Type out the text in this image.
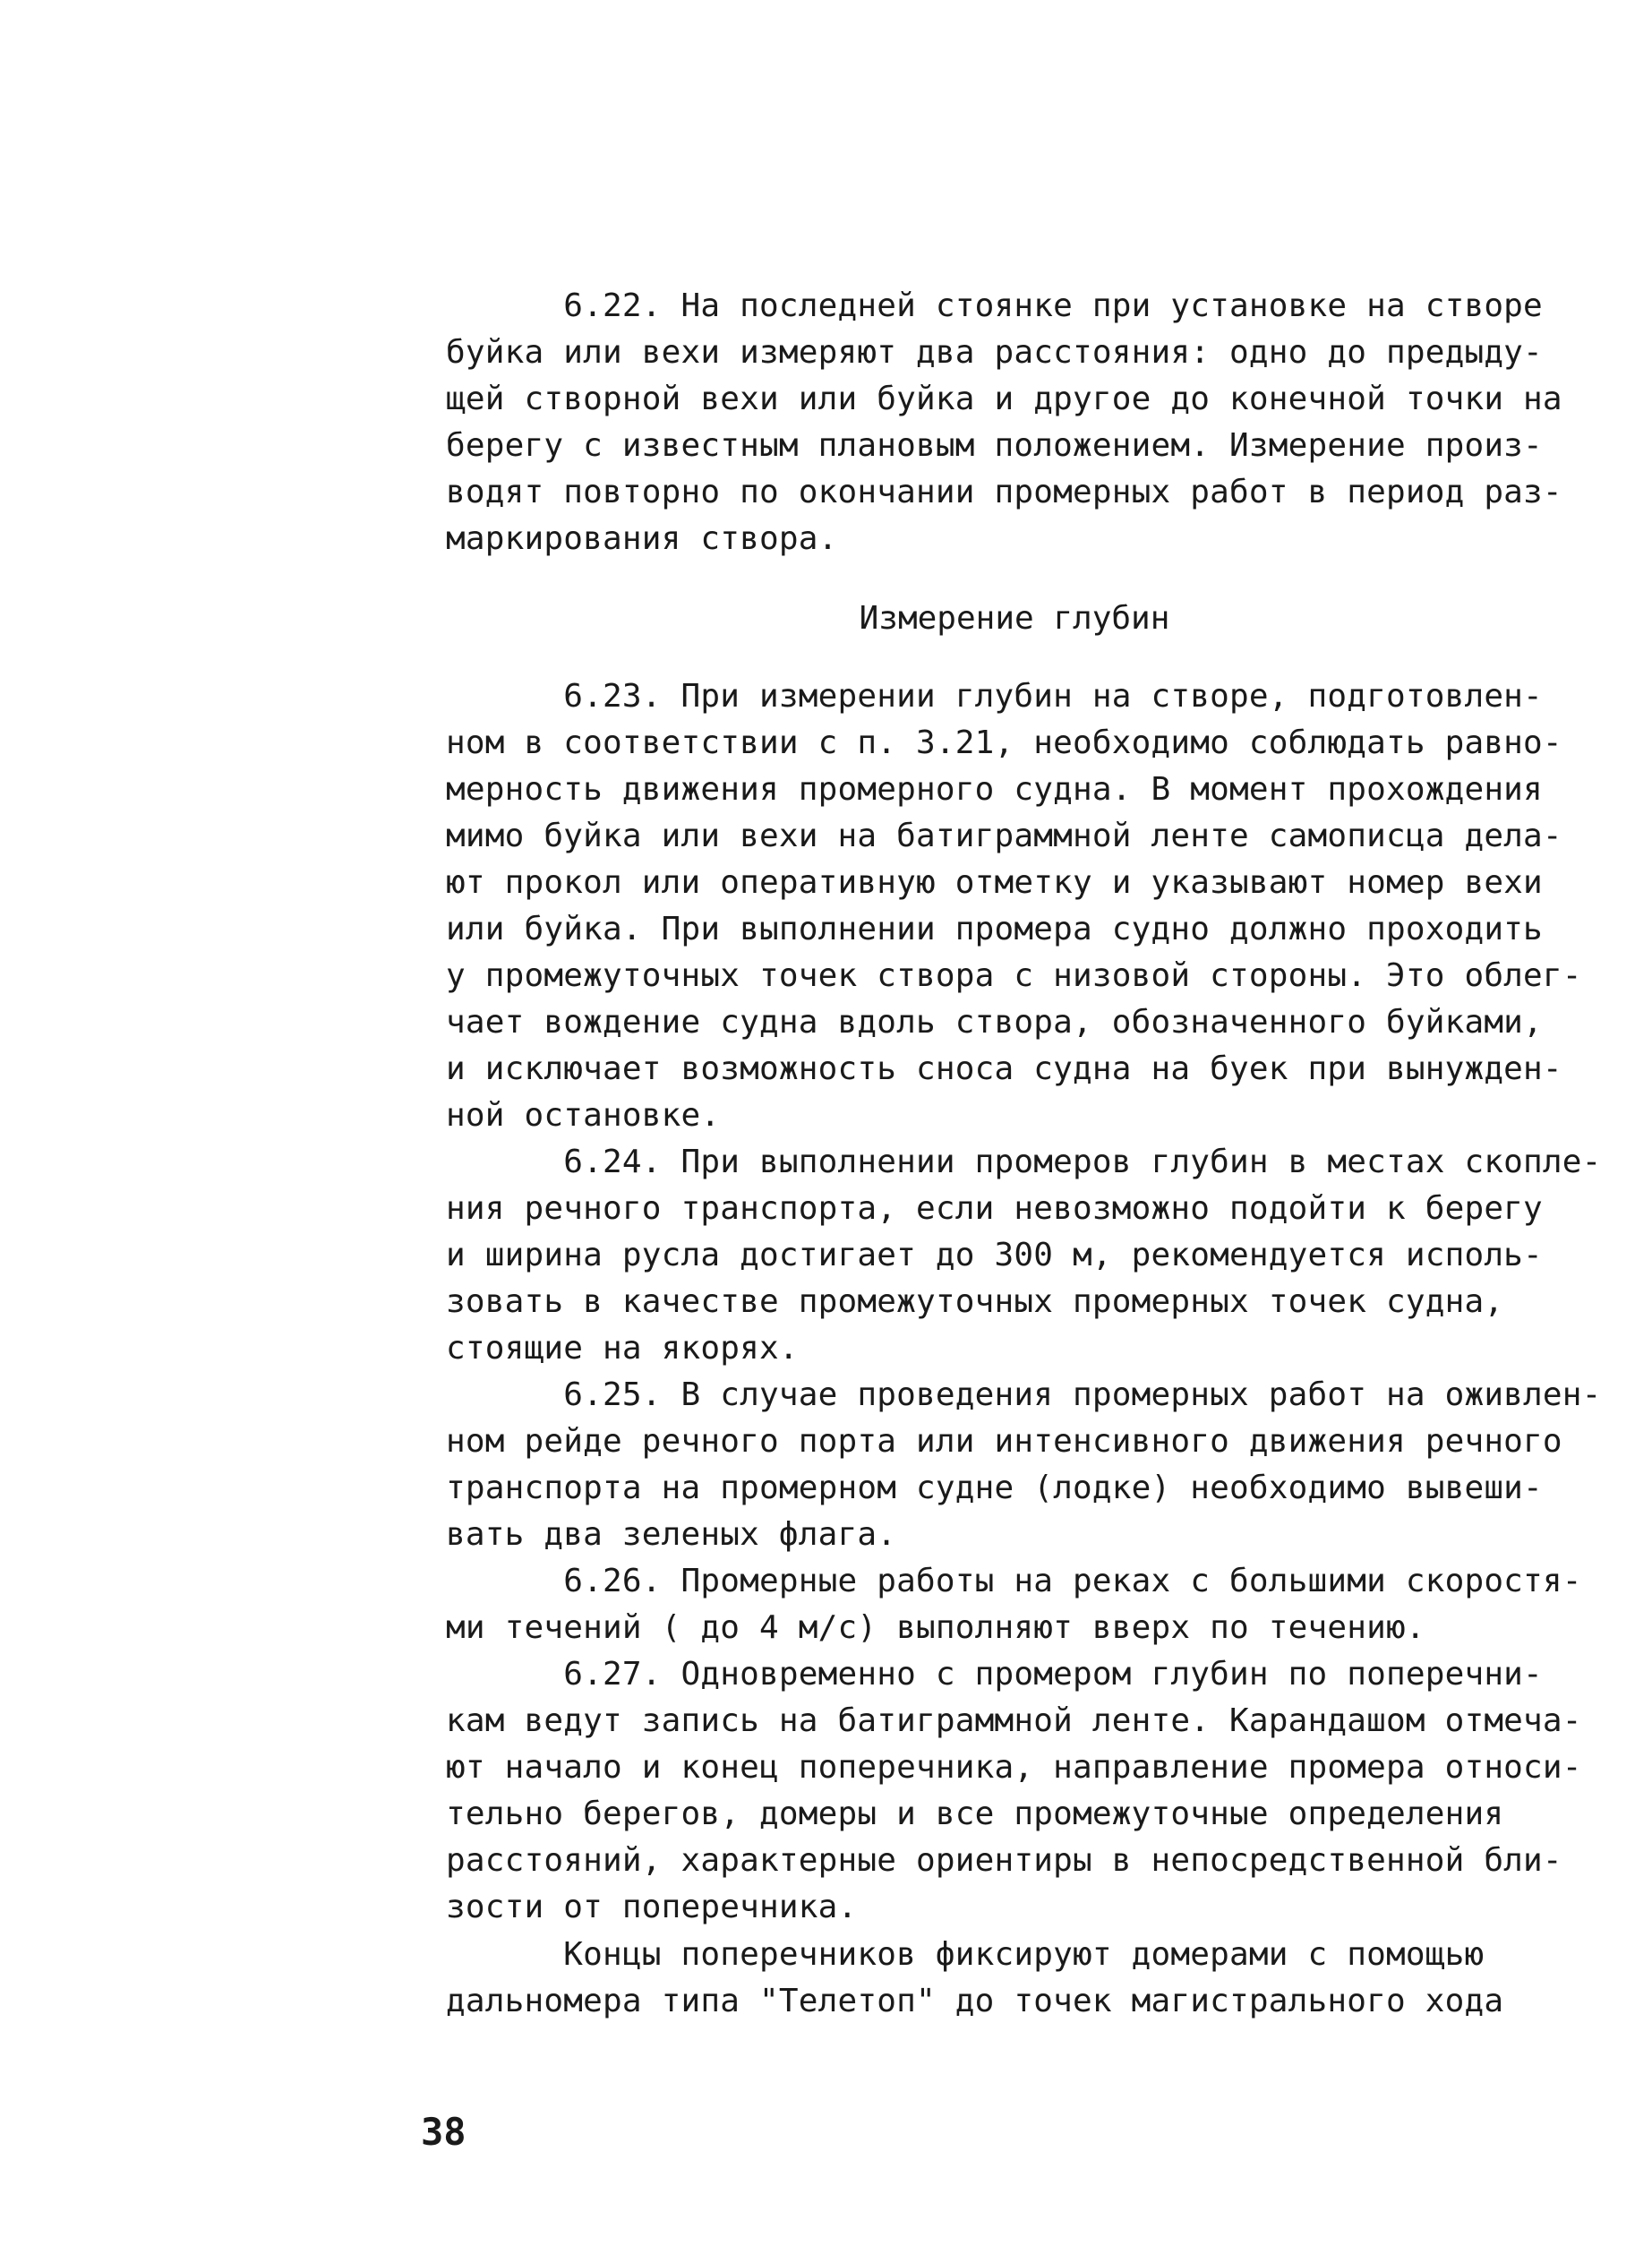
6.22. На последней стоянке при установке на створе
буйка или вехи измеряют два расстояния: одно до предыду-
щей створной вехи или буйка и другое до конечной точки на
берегу с известным плановым положением. Измерение произ-
водят повторно по окончании промерных работ в период раз-
маркирования створа.
Измерение глубин
6.23. При измерении глубин на створе, подготовлен-
ном в соответствии с п. 3.21, необходимо соблюдать равно-
мерность движения промерного судна. В момент прохождения
мимо буйка или вехи на батиграммной ленте самописца дела-
ют прокол или оперативную отметку и указывают номер вехи
или буйка. При выполнении промера судно должно проходить
у промежуточных точек створа с низовой стороны. Это облег-
чает вождение судна вдоль створа, обозначенного буйками,
и исключает возможность сноса судна на буек при вынужден-
ной остановке.
6.24. При выполнении промеров глубин в местах скопле-
ния речного транспорта, если невозможно подойти к берегу
и ширина русла достигает до 300 м, рекомендуется исполь-
зовать в качестве промежуточных промерных точек судна,
стоящие на якорях.
6.25. В случае проведения промерных работ на оживлен-
ном рейде речного порта или интенсивного движения речного
транспорта на промерном судне (лодке) необходимо вывеши-
вать два зеленых флага.
6.26. Промерные работы на реках с большими скоростя-
ми течений ( до 4 м/с) выполняют вверх по течению.
6.27. Одновременно с промером глубин по поперечни-
кам ведут запись на батиграммной ленте. Карандашом отмеча-
ют начало и конец поперечника, направление промера относи-
тельно берегов, домеры и все промежуточные определения
расстояний, характерные ориентиры в непосредственной бли-
зости от поперечника.
Концы поперечников фиксируют домерами с помощью
дальномера типа "Телетоп" до точек магистрального хода
38
